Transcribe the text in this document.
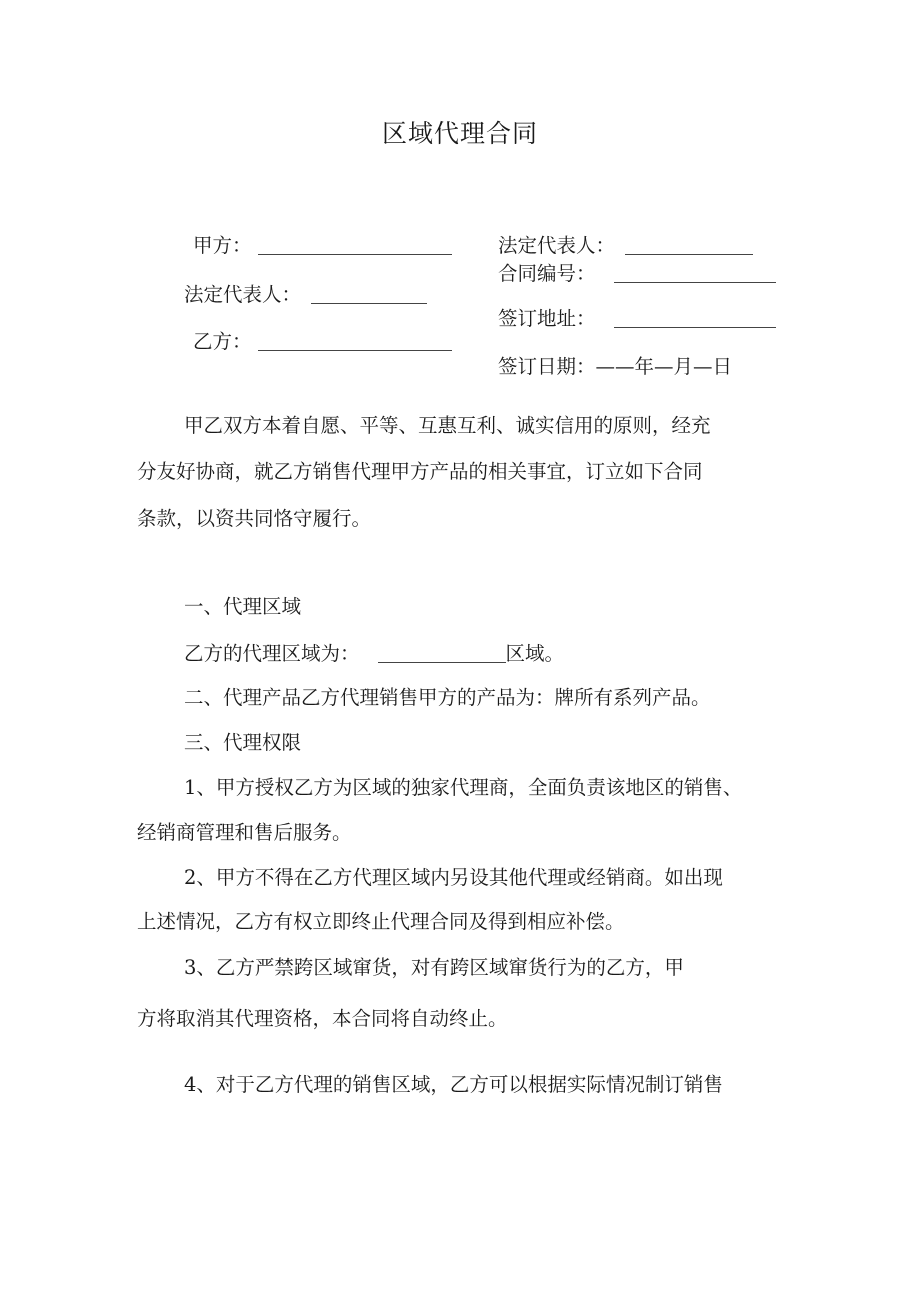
区域代理合同
甲方：
法定代表人：
乙方：
法定代表人：
合同编号：
签订地址：
签订日期：——年—月—日
甲乙双方本着自愿、平等、互惠互利、诚实信用的原则，经充
分友好协商，就乙方销售代理甲方产品的相关事宜，订立如下合同
条款，以资共同恪守履行。
一、代理区域
乙方的代理区域为：	区域。
二、代理产品乙方代理销售甲方的产品为：牌所有系列产品。
三、代理权限
1、甲方授权乙方为区域的独家代理商，全面负责该地区的销售、
经销商管理和售后服务。
2、甲方不得在乙方代理区域内另设其他代理或经销商。如出现
上述情况，乙方有权立即终止代理合同及得到相应补偿。
3、乙方严禁跨区域窜货，对有跨区域窜货行为的乙方，甲
方将取消其代理资格，本合同将自动终止。
4、对于乙方代理的销售区域，乙方可以根据实际情况制订销售
